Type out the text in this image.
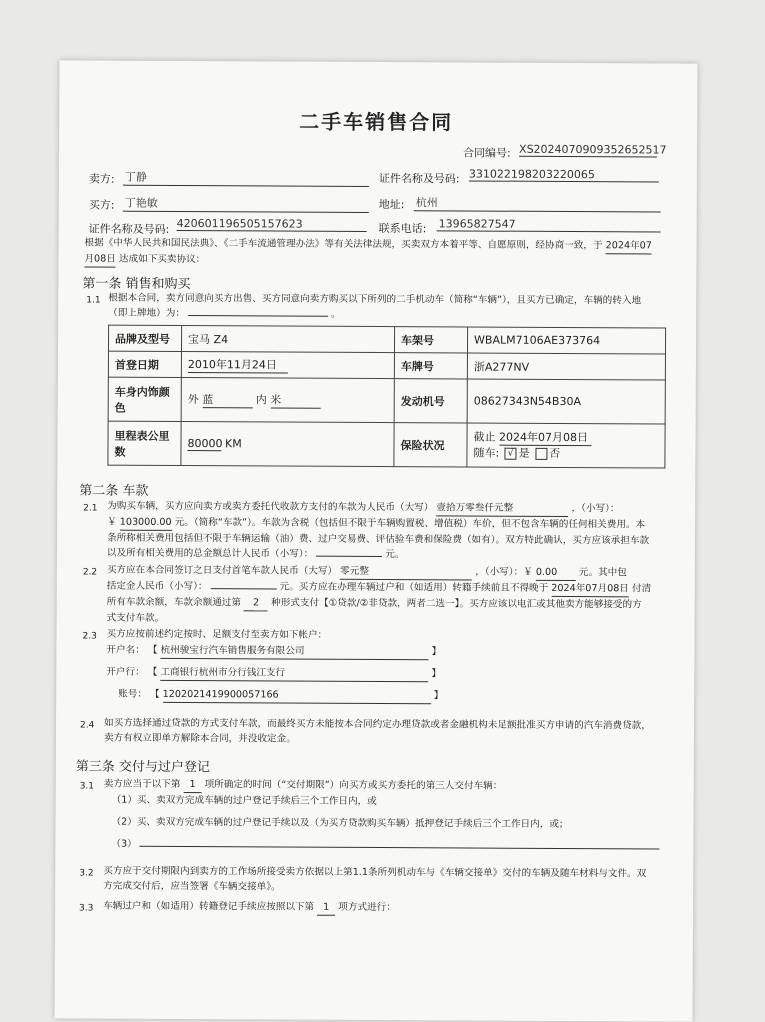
二手车销售合同
合同编号: XS2024070909352652517
卖方: 丁静	证件名称及号码: 331022198203220065
买方: 丁艳敏	地址: 杭州
证件名称及号码: 420601196505157623	联系电话: 13965827547
根据《中华人民共和国民法典》、《二手车流通管理办法》等有关法律法规，买卖双方本着平等、自愿原则，经协商一致，于 2024年07
月08日 达成如下买卖协议：
第一条 销售和购买
1.1 根据本合同，卖方同意向买方出售、买方同意向卖方购买以下所列的二手机动车（简称“车辆”），且买方已确定，车辆的转入地
（即上牌地）为：	。
品牌及型号	宝马 Z4	车架号	WBALM7106AE373764
首登日期	2010年11月24日	车牌号	浙A277NV
车身内饰颜色	外 蓝 内 米	发动机号	08627343N54B30A
里程表公里数	80000 KM	保险状况	截止 2024年07月08日
随车: √ 是 否
第二条 车款
2.1 为购买车辆，买方应向卖方或卖方委托代收款方支付的车款为人民币（大写） 壹拾万零叁仟元整	，（小写）：
￥ 103000.00 元。（简称“车款”）。车款为含税（包括但不限于车辆购置税、增值税）车价，但不包含车辆的任何相关费用。本
条所称相关费用包括但不限于车辆运输（油）费、过户交易费、评估验车费和保险费（如有）。双方特此确认，买方应该承担车款
以及所有相关费用的总金额总计人民币（小写）：	元。
2.2 买方应在本合同签订之日支付首笔车款人民币（大写） 零元整	，（小写）：￥ 0.00 元。其中包
括定金人民币（小写）：	元。买方应在办理车辆过户和（如适用）转籍手续前且不得晚于 2024年07月08日 付清
所有车款余额，车款余额通过第 2 种形式支付【①贷款/②非贷款，两者二选一】。买方应该以电汇或其他卖方能够接受的方
式支付车款。
2.3 买方应按前述约定按时、足额支付至卖方如下帐户：
开户名： 【 杭州骏宝行汽车销售服务有限公司	】
开户行： 【 工商银行杭州市分行钱江支行	】
账号： 【 1202021419900057166	】
2.4 如买方选择通过贷款的方式支付车款，而最终买方未能按本合同约定办理贷款或者金融机构未足额批准买方申请的汽车消费贷款，
卖方有权立即单方解除本合同，并没收定金。
第三条 交付与过户登记
3.1 卖方应当于以下第 1 项所确定的时间（“交付期限”）向买方或买方委托的第三人交付车辆：
（1）买、卖双方完成车辆的过户登记手续后三个工作日内，或
（2）买、卖双方完成车辆的过户登记手续以及（为买方贷款购买车辆）抵押登记手续后三个工作日内，或；
（3）
3.2 买方应于交付期限内到卖方的工作场所接受卖方依据以上第1.1条所列机动车与《车辆交接单》交付的车辆及随车材料与文件。双
方完成交付后，应当签署《车辆交接单》。
3.3 车辆过户和（如适用）转籍登记手续应按照以下第 1 项方式进行：
